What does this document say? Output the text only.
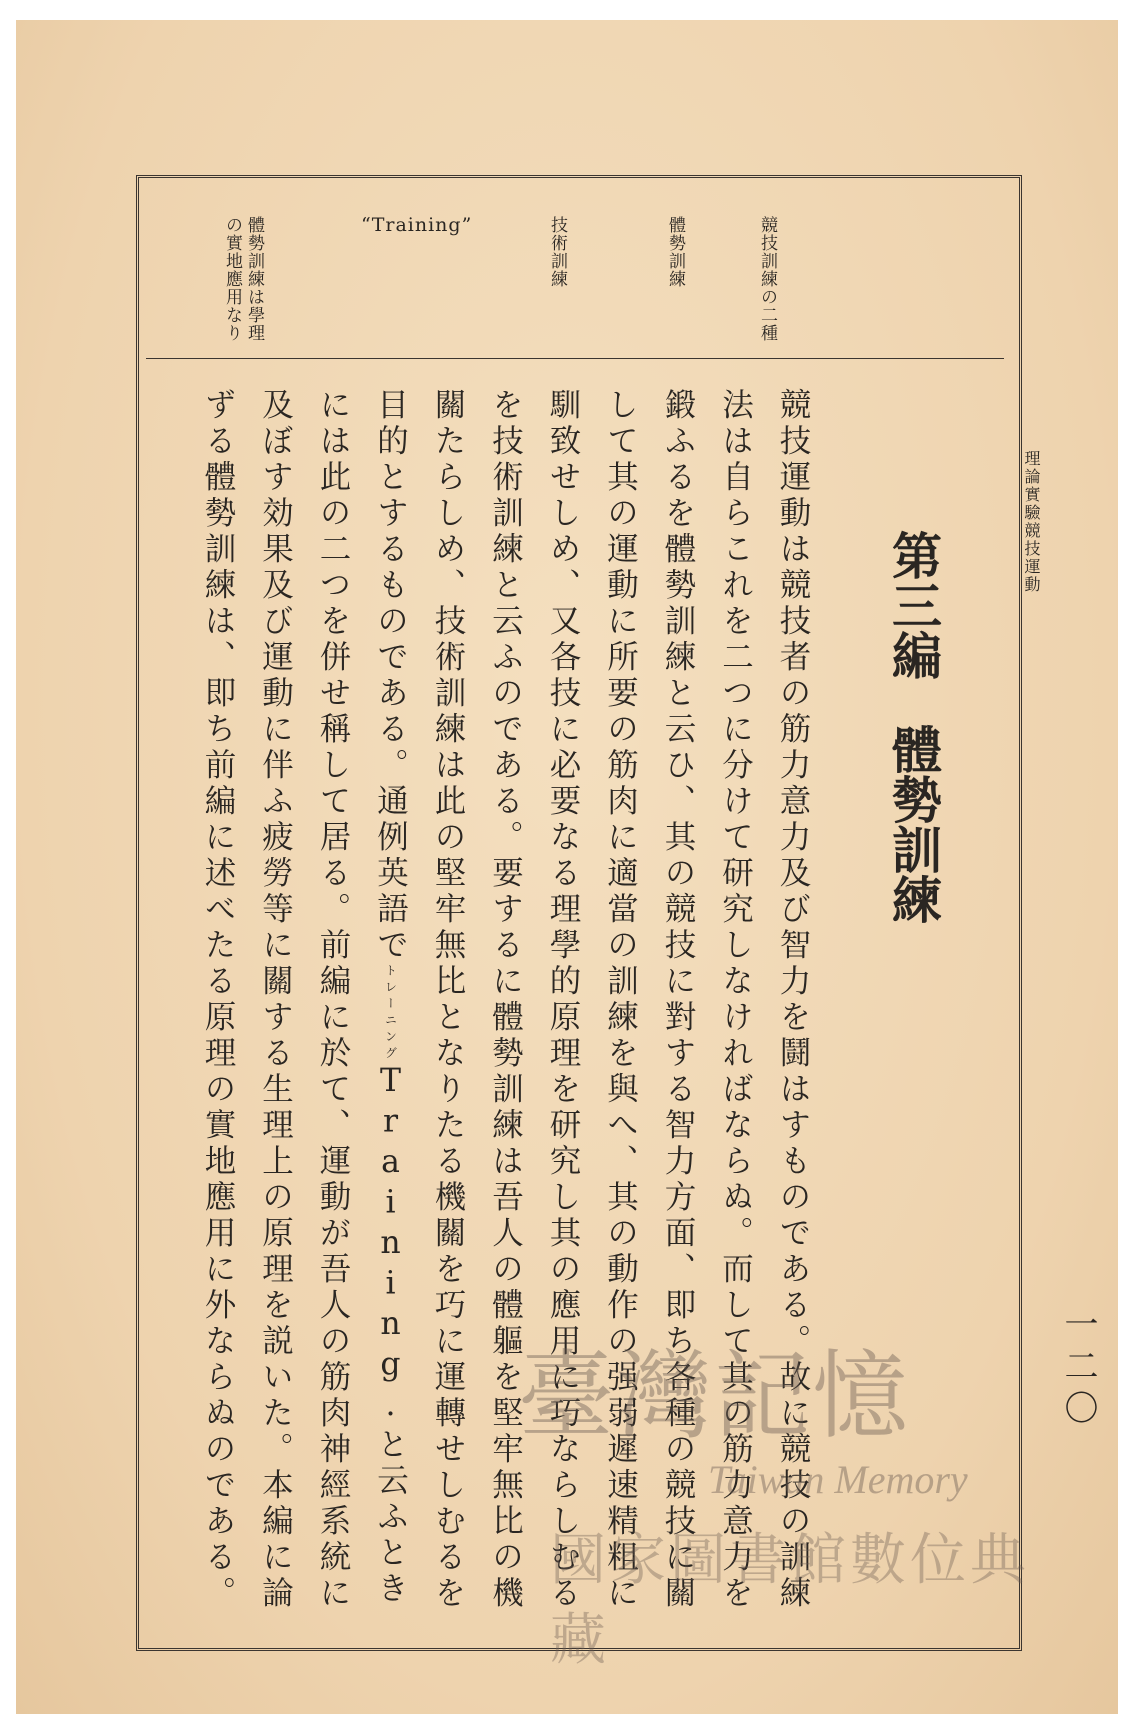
理論實驗競技運動
競技訓練の二種
體勢訓練
技術訓練
“Training”
體勢訓練は學理の實地應用なり
第三編體勢訓練

競技運動は競技者の筋力意力及び智力を鬪はすものである。故に競技の訓練法は自らこれを二つに分けて研究しなければならぬ。而して其の筋力意力を鍛ふるを體勢訓練と云ひ、其の競技に對する智力方面、即ち各種の競技に關して其の運動に所要の筋肉に適當の訓練を與へ、其の動作の强弱遲速精粗に馴致せしめ、又各技に必要なる理學的原理を研究し其の應用に巧ならしむるを技術訓練と云ふのである。要するに體勢訓練は吾人の體軀を堅牢無比の機關たらしめ、技術訓練は此の堅牢無比となりたる機關を巧に運轉せしむるを目的とするものである。通例英語でトレーニングTraining.と云ふときには此の二つを併せ稱して居る。前編に於て、運動が吾人の筋肉神經系統に及ぼす効果及び運動に伴ふ疲勞等に關する生理上の原理を説いた。本編に論ずる體勢訓練は、即ち前編に述べたる原理の實地應用に外ならぬのである。	一二〇
臺灣記憶
Taiwan Memory
國家圖書館數位典藏
